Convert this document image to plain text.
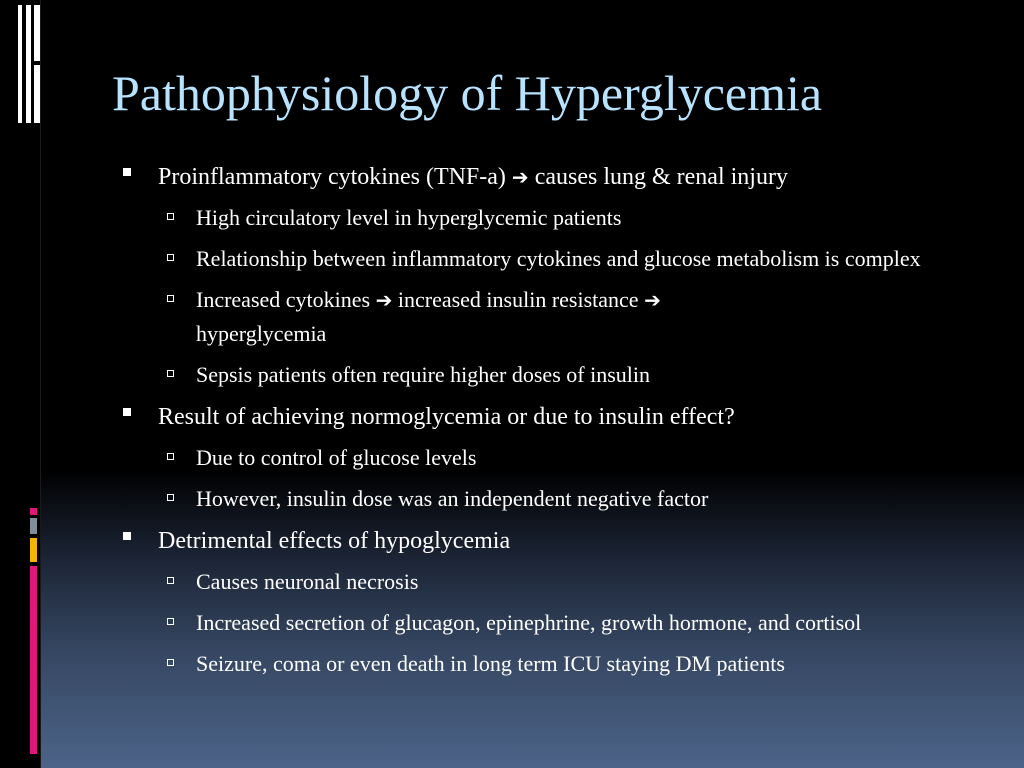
Pathophysiology of Hyperglycemia
Proinflammatory cytokines (TNF-a) ➔ causes lung & renal injury
High circulatory level in hyperglycemic patients
Relationship between inflammatory cytokines and glucose metabolism is complex
Increased cytokines ➔ increased insulin resistance ➔
hyperglycemia
Sepsis patients often require higher doses of insulin
Result of achieving normoglycemia or due to insulin effect?
Due to control of glucose levels
However, insulin dose was an independent negative factor
Detrimental effects of hypoglycemia
Causes neuronal necrosis
Increased secretion of glucagon, epinephrine, growth hormone, and cortisol
Seizure, coma or even death in long term ICU staying DM patients
